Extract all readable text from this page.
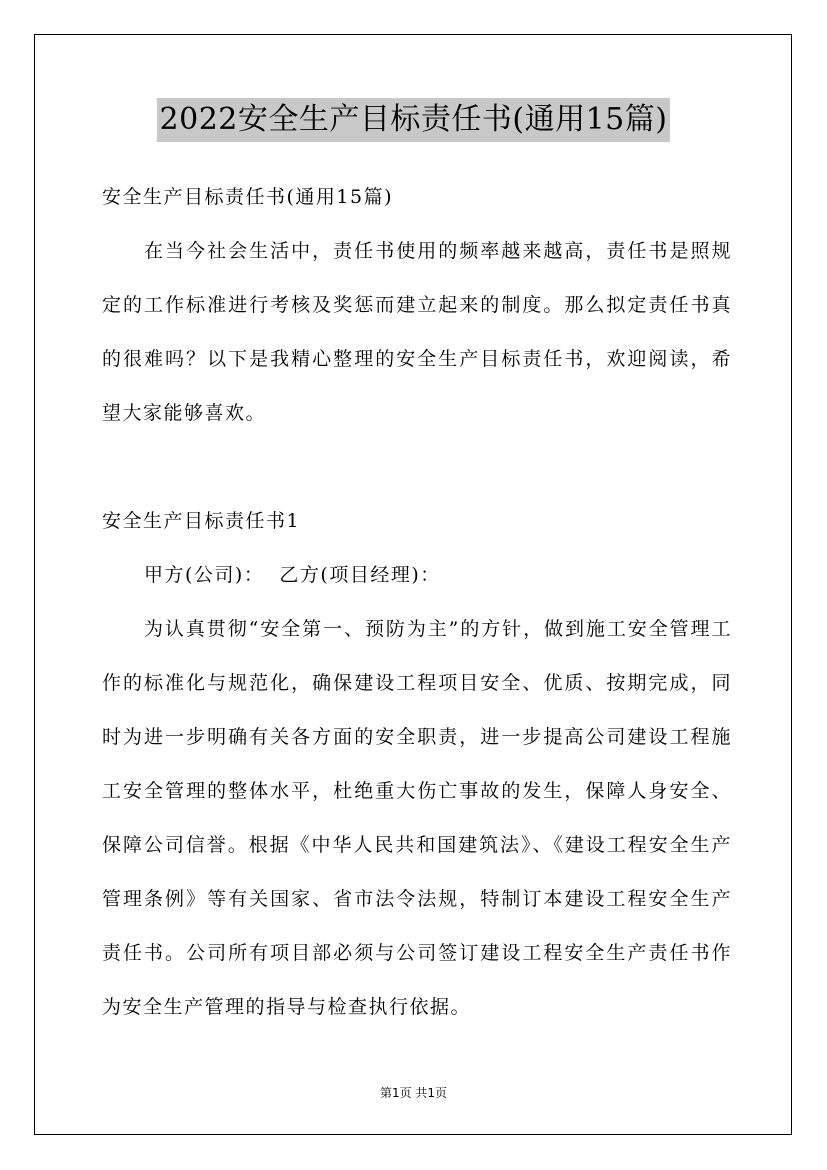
2022安全生产目标责任书(通用15篇)

安全生产目标责任书(通用15篇)

在当今社会生活中，责任书使用的频率越来越高，责任书是照规定的工作标准进行考核及奖惩而建立起来的制度。那么拟定责任书真的很难吗？以下是我精心整理的安全生产目标责任书，欢迎阅读，希望大家能够喜欢。

安全生产目标责任书1

甲方(公司)：  乙方(项目经理)：

为认真贯彻“安全第一、预防为主”的方针，做到施工安全管理工作的标准化与规范化，确保建设工程项目安全、优质、按期完成，同时为进一步明确有关各方面的安全职责，进一步提高公司建设工程施工安全管理的整体水平，杜绝重大伤亡事故的发生，保障人身安全、保障公司信誉。根据《中华人民共和国建筑法》、《建设工程安全生产管理条例》等有关国家、省市法令法规，特制订本建设工程安全生产责任书。公司所有项目部必须与公司签订建设工程安全生产责任书作为安全生产管理的指导与检查执行依据。

第1页 共1页
